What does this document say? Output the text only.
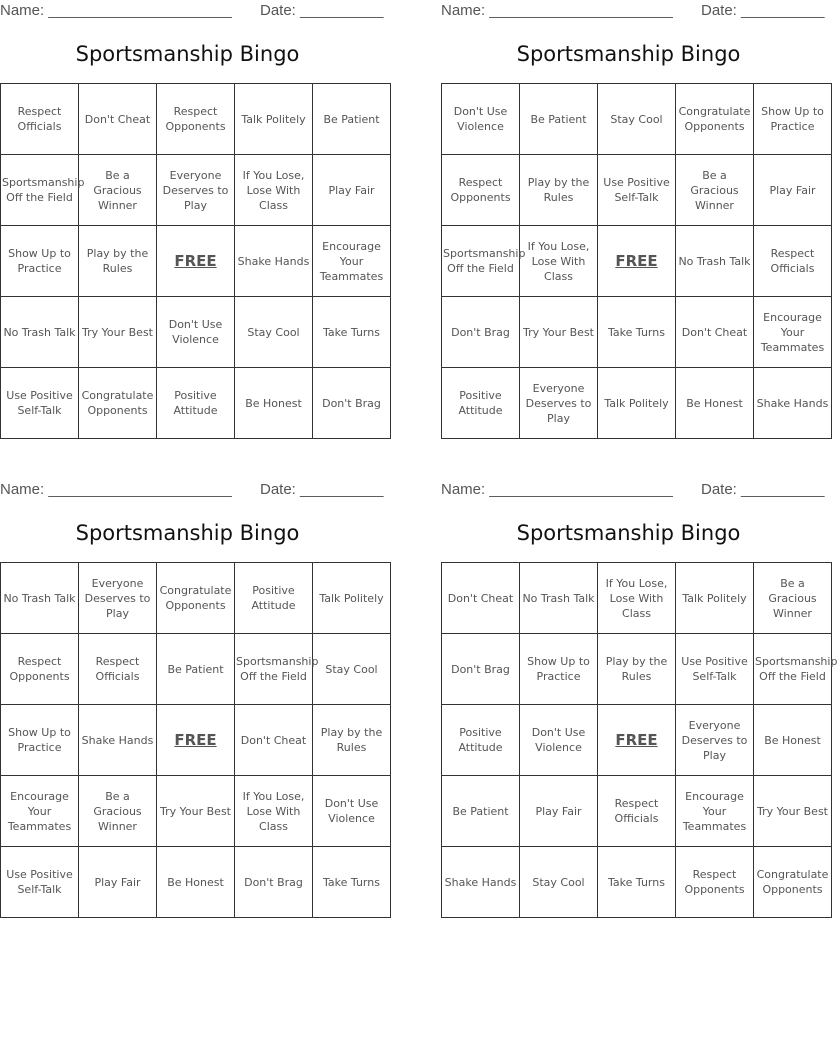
Name: ______________________ Date: __________
Sportsmanship Bingo
Respect Officials	Don't Cheat	Respect Opponents	Talk Politely	Be Patient
Sportsmanship Off the Field	Be a Gracious Winner	Everyone Deserves to Play	If You Lose, Lose With Class	Play Fair
Show Up to Practice	Play by the Rules	FREE	Shake Hands	Encourage Your Teammates
No Trash Talk	Try Your Best	Don't Use Violence	Stay Cool	Take Turns
Use Positive Self-Talk	Congratulate Opponents	Positive Attitude	Be Honest	Don't Brag
Name: ______________________ Date: __________
Sportsmanship Bingo
Don't Use Violence	Be Patient	Stay Cool	Congratulate Opponents	Show Up to Practice
Respect Opponents	Play by the Rules	Use Positive Self-Talk	Be a Gracious Winner	Play Fair
Sportsmanship Off the Field	If You Lose, Lose With Class	FREE	No Trash Talk	Respect Officials
Don't Brag	Try Your Best	Take Turns	Don't Cheat	Encourage Your Teammates
Positive Attitude	Everyone Deserves to Play	Talk Politely	Be Honest	Shake Hands
Name: ______________________ Date: __________
Sportsmanship Bingo
No Trash Talk	Everyone Deserves to Play	Congratulate Opponents	Positive Attitude	Talk Politely
Respect Opponents	Respect Officials	Be Patient	Sportsmanship Off the Field	Stay Cool
Show Up to Practice	Shake Hands	FREE	Don't Cheat	Play by the Rules
Encourage Your Teammates	Be a Gracious Winner	Try Your Best	If You Lose, Lose With Class	Don't Use Violence
Use Positive Self-Talk	Play Fair	Be Honest	Don't Brag	Take Turns
Name: ______________________ Date: __________
Sportsmanship Bingo
Don't Cheat	No Trash Talk	If You Lose, Lose With Class	Talk Politely	Be a Gracious Winner
Don't Brag	Show Up to Practice	Play by the Rules	Use Positive Self-Talk	Sportsmanship Off the Field
Positive Attitude	Don't Use Violence	FREE	Everyone Deserves to Play	Be Honest
Be Patient	Play Fair	Respect Officials	Encourage Your Teammates	Try Your Best
Shake Hands	Stay Cool	Take Turns	Respect Opponents	Congratulate Opponents
